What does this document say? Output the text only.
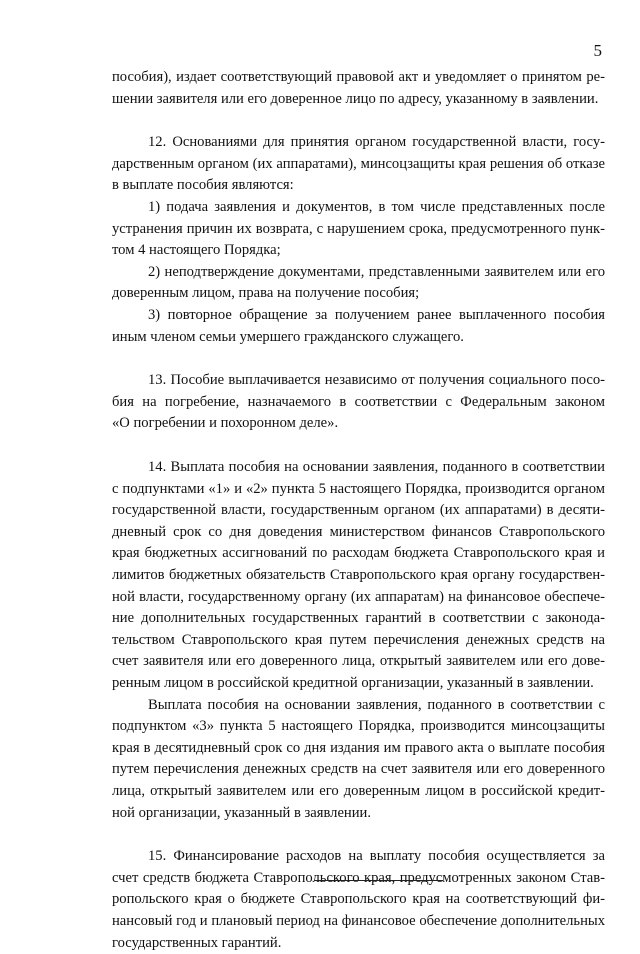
5
пособия), издает соответствующий правовой акт и уведомляет о принятом ре-
шении заявителя или его доверенное лицо по адресу, указанному в заявлении.
12. Основаниями для принятия органом государственной власти, госу-
дарственным органом (их аппаратами), минсоцзащиты края решения об отказе
в выплате пособия являются:
1) подача заявления и документов, в том числе представленных после
устранения причин их возврата, с нарушением срока, предусмотренного пунк-
том 4 настоящего Порядка;
2) неподтверждение документами, представленными заявителем или его
доверенным лицом, права на получение пособия;
3) повторное обращение за получением ранее выплаченного пособия
иным членом семьи умершего гражданского служащего.
13. Пособие выплачивается независимо от получения социального посо-
бия на погребение, назначаемого в соответствии с Федеральным законом
«О погребении и похоронном деле».
14. Выплата пособия на основании заявления, поданного в соответствии
с подпунктами «1» и «2» пункта 5 настоящего Порядка, производится органом
государственной власти, государственным органом (их аппаратами) в десяти-
дневный срок со дня доведения министерством финансов Ставропольского
края бюджетных ассигнований по расходам бюджета Ставропольского края и
лимитов бюджетных обязательств Ставропольского края органу государствен-
ной власти, государственному органу (их аппаратам) на финансовое обеспече-
ние дополнительных государственных гарантий в соответствии с законода-
тельством Ставропольского края путем перечисления денежных средств на
счет заявителя или его доверенного лица, открытый заявителем или его дове-
ренным лицом в российской кредитной организации, указанный в заявлении.
Выплата пособия на основании заявления, поданного в соответствии с
подпунктом «3» пункта 5 настоящего Порядка, производится минсоцзащиты
края в десятидневный срок со дня издания им правого акта о выплате пособия
путем перечисления денежных средств на счет заявителя или его доверенного
лица, открытый заявителем или его доверенным лицом в российской кредит-
ной организации, указанный в заявлении.
15. Финансирование расходов на выплату пособия осуществляется за
счет средств бюджета Ставропольского края, предусмотренных законом Став-
ропольского края о бюджете Ставропольского края на соответствующий фи-
нансовый год и плановый период на финансовое обеспечение дополнительных
государственных гарантий.
